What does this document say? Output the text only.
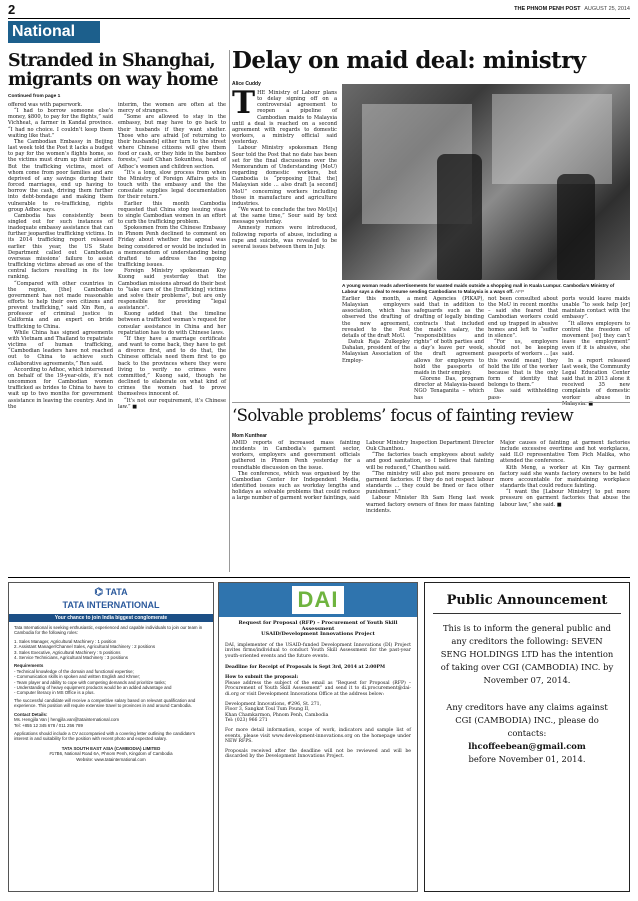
2	THE PHNOM PENH POST AUGUST 25, 2014
National
Stranded in Shanghai, migrants on way home
Continued from page 1

offered was with paperwork.

“I had to borrow someone else’s money, $800, to pay for the flights,” said Vichheat, a farmer in Kandal province. “I had no choice. I couldn’t keep them waiting like that.”

The Cambodian Embassy in Beijing last week told the Post it lacks a budget to pay for the women’s flights home, so the victims must drum up their airfare. But the trafficking victims, most of whom come from poor families and are deprived of any savings during their forced marriages, end up having to borrow the cash, driving them further into debt-bondage and making them vulnerable to re-trafficking, rights group Adhoc says.

Cambodia has consistently been singled out for such instances of inadequate embassy assistance that can further jeopardise trafficking victims. In its 2014 trafficking report released earlier this year, the US State Department called out Cambodian overseas missions’ failure to assist trafficking victims abroad as one of the central factors resulting in its low ranking.

“Compared with other countries in the region, [the] Cambodian government has not made reasonable efforts to help their own citizens and prevent trafficking,” said Xin Ren, a professor of criminal justice in California and an expert on bride trafficking to China.

While China has signed agreements with Vietnam and Thailand to repatriate victims of human trafficking, “Cambodian leaders have not reached out to China to achieve such collaborative agreements,” Ren said.

According to Adhoc, which intervened on behalf of the 19-year-olds, it’s not uncommon for Cambodian women trafficked as brides to China to have to wait up to two months for government assistance in leaving the country. And in the

interim, the women are often at the mercy of strangers.

“Some are allowed to stay in the embassy, but may have to go back to their husbands if they want shelter. Those who are afraid [of returning to their husbands] either turn to the street where Chinese citizens will give them food or cash, or they hide in the bamboo forests,” said Chhan Sokunthea, head of Adhoc’s women and children section.

“It’s a long, slow process from when the Ministry of Foreign Affairs gets in touch with the embassy and the the consulate supplies legal documentation for their return.”

Earlier this month Cambodia requested that China stop issuing visas to single Cambodian women in an effort to curb the trafficking problem.

Spokesmen from the Chinese Embassy in Phnom Penh declined to comment on Friday about whether the appeal was being considered or would be included in a memorandum of understanding being drafted to address the ongoing trafficking issues.

Foreign Ministry spokesman Koy Kuong said yesterday that the Cambodian missions abroad do their best to “take care of the [trafficking] victims and solve their problems”, but are only responsible for providing “legal assistance”.

Kuong added that the timeline between a trafficked woman’s request for consular assistance in China and her repatriation has to do with Chinese laws.

“If they have a marriage certificate and want to come back, they have to get a divorce first, and to do that, the Chinese officials need them first to go back to the provinces where they were living to verify no crimes were committed,” Kuong said, though he declined to elaborate on what kind of crimes the women had to prove themselves innocent of.

“It’s not our requirement, it’s Chinese law.” ■

Delay on maid deal: ministry
Alice Cuddy

THE Ministry of Labour plans to delay signing off on a controversial agreement to reopen a pipeline of Cambodian maids to Malaysia until a deal is reached on a second agreement with regards to domestic workers, a ministry official said yesterday.

Labour Ministry spokesman Heng Sour told the Post that no date has been set for the final discussions over the Memorandum of Understanding (MoU) regarding domestic workers, but Cambodia is “proposing [that the] Malaysian side ... also draft [a second] MoU” concerning workers including those in manufacture and agriculture industries.

“We want to conclude the two MoU[s] at the same time,” Sour said by text message yesterday.

Amnesty rumors were introduced, following reports of abuse, including a rape and suicide, was revealed to be several issues between them in July.

A young woman reads advertisements for wanted maids outside a shopping mall in Kuala Lumpur. Cambodia’s Ministry of Labour says a deal to resume sending Cambodians to Malaysia is a ways off. AFP

Earlier this month, a Malaysian employers association, which has observed the drafting of the new agreement, revealed to the Post details of the draft MoU.

Datuk Raja Zulkepley Dahalan, president of the Malaysian Association of Employ-

ment Agencies (PIKAP), said that in addition to safeguards such as the drafting of legally binding contracts that included the maid’s salary, the “responsibilities and rights” of both parties and a day’s leave per week, the draft agreement allows for employers to hold the passports of maids in their employ.

Glorene Das, program director at Malaysia-based NGO Tenaganita – which has

not been consulted about the MoU in recent months – said she feared that Cambodian workers could end up trapped in abusive homes and left to “suffer in silence”.

“For us, employers should not be keeping passports of workers ... [as this would mean] they hold the life of the worker because that is the only form of identity that belongs to them.”

Das said withholding pass-

ports would leave maids unable “to seek help [or] maintain contact with the embassy”.

“It allows employers to control the freedom of movement [so] they can’t leave the employment” even if it is abusive, she said.

In a report released last week, the Community Legal Education Center said that in 2013 alone it received 35 new complaints of domestic worker abuse in Malaysia. ■

‘Solvable problems’ focus of fainting review
Mom Kunthear

AMID reports of increased mass fainting incidents in Cambodia’s garment sector, workers, employers and government officials gathered in Phnom Penh yesterday for a roundtable discussion on the issue.

The conference, which was organised by the Cambodian Center for Independent Media, identified issues such as workday lengths and holidays as solvable problems that could reduce a large number of garment worker faintings, said

Labour Ministry Inspection Department Director Ouk Chanthou.

“The factories teach employees about safety and good sanitation, so I believe that fainting will be reduced,” Chanthou said.

“The ministry will also put more pressure on garment factories. If they do not respect labour standards ... they could be fined or face other punishment.”

Labour Minister Ith Sam Heng last week warned factory owners of fines for mass fainting incidents.

Major causes of fainting at garment factories include excessive overtime and hot workplaces, said ILO representative Tom Pich Malika, who attended the conference.

Kith Meng, a worker at Kin Tay garment factory said she wants factory owners to be held more accountable for maintaining workplace standards that could reduce fainting.

“I want the [Labour Ministry] to put more pressure on garment factories that abuse the labour law,” she said. ■

⌬ TATA
TATA INTERNATIONAL
Your chance to join India biggest conglomerate
Tata International is seeking enthusiastic, experienced and capable individuals to join our team in Cambodia for the following roles:
1. Sales Manager, Agricultural Machinery : 1 position
2. Assistant Manager/Channel Sales, Agricultural Machinery : 2 positions
3. Sales Executive, Agricultural Machinery : 5 positions
4. Service Technicians, Agricultural Machinery : 3 positions
Requirements
- Technical knowledge of the domain and functional expertise;
- Communication skills in spoken and written English and Khmer;
- Team player and ability to cope with competing demands and prioritize tasks;
- Understanding of heavy equipment products would be an added advantage and
- Computer literacy in MS Office is a plus.
The successful candidate will receive a competitive salary based on relevant qualification and experience. This position will require extensive travel to provinces in and around Cambodia.
Contact Details:
Ms. Hengjila Van | hengjila.van@tatainternational.com
Tel: +855 12 345 678 / 011 256 789
Applications should include a CV accompanied with a covering letter outlining the candidate’s interest in and suitability for the position with recent photo and expected salary.
TATA SOUTH EAST ASIA (CAMBODIA) LIMITED
#17B6, National Road 6A, Phnom Penh, Kingdom of Cambodia
Website: www.tatainternational.com
DAI
Request for Proposal (RFP) – Procurement of Youth Skill Assessment
USAID/Development Innovations Project
DAI, implementer of the USAID-funded Development Innovations (DI) Project invites firms/individual to conduct Youth Skill Assessment for the past-year youth-oriented events and the future events.
Deadline for Receipt of Proposals is Sept 3rd, 2014 at 2:00PM
How to submit the proposal:
Please address the subject of the email as “Request for Proposal (RFP) – Procurement of Youth Skill Assessment” and send it to di.procurement@dai-di.org or visit Development Innovations Office at the address below:
Development Innovations, #296, St. 271,
Floor 3, Sangkat Toul Tum Poung II,
Khan Chamkarmon, Phnom Penh, Cambodia
Tel: (023) 966 271
For more detail information, scope of work, indicators and sample list of events, please visit www.development-innovations.org on the homepage under NEW RFPS.
Proposals received after the deadline will not be reviewed and will be discarded by the Development Innovations Project.
Public Announcement
This is to inform the general public and any creditors the following: SEVEN SENG HOLDINGS LTD has the intention of taking over CGI (CAMBODIA) INC. by November 07, 2014.
Any creditors have any claims against CGI (CAMBODIA) INC., please do contacts:
lhcoffeebean@gmail.com
before November 01, 2014.
